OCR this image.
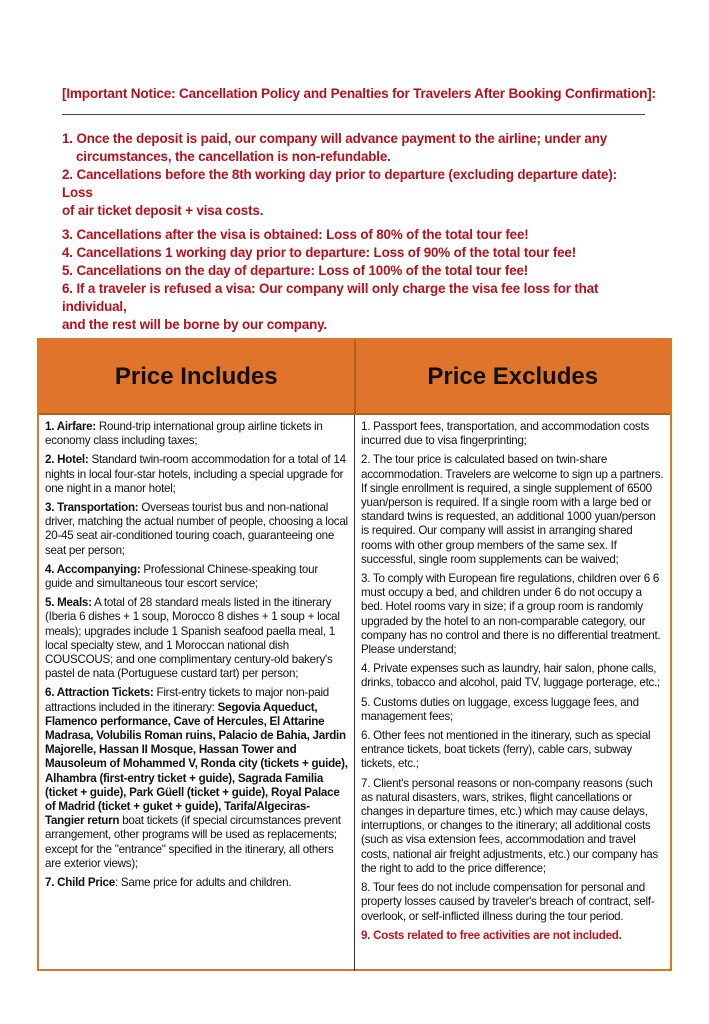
[Important Notice: Cancellation Policy and Penalties for Travelers After Booking Confirmation]:

1. Once the deposit is paid, our company will advance payment to the airline; under any

circumstances, the cancellation is non-refundable.

2. Cancellations before the 8th working day prior to departure (excluding departure date): Loss

of air ticket deposit + visa costs.

3. Cancellations after the visa is obtained: Loss of 80% of the total tour fee!

4. Cancellations 1 working day prior to departure: Loss of 90% of the total tour fee!

5. Cancellations on the day of departure: Loss of 100% of the total tour fee!

6. If a traveler is refused a visa: Our company will only charge the visa fee loss for that individual,

and the rest will be borne by our company.

Price Includes	Price Excludes

1. Airfare: Round-trip international group airline tickets in economy class including taxes;

2. Hotel: Standard twin-room accommodation for a total of 14 nights in local four-star hotels, including a special upgrade for one night in a manor hotel;

3. Transportation: Overseas tourist bus and non-national driver, matching the actual number of people, choosing a local 20-45 seat air-conditioned touring coach, guaranteeing one seat per person;

4. Accompanying: Professional Chinese-speaking tour guide and simultaneous tour escort service;

5. Meals: A total of 28 standard meals listed in the itinerary (Iberia 6 dishes + 1 soup, Morocco 8 dishes + 1 soup + local meals); upgrades include 1 Spanish seafood paella meal, 1 local specialty stew, and 1 Moroccan national dish COUSCOUS; and one complimentary century-old bakery's pastel de nata (Portuguese custard tart) per person;

6. Attraction Tickets: First-entry tickets to major non-paid attractions included in the itinerary: Segovia Aqueduct, Flamenco performance, Cave of Hercules, El Attarine Madrasa, Volubilis Roman ruins, Palacio de Bahia, Jardin Majorelle, Hassan II Mosque, Hassan Tower and Mausoleum of Mohammed V, Ronda city (tickets + guide), Alhambra (first-entry ticket + guide), Sagrada Familia (ticket + guide), Park Güell (ticket + guide), Royal Palace of Madrid (ticket + guket + guide), Tarifa/Algeciras-Tangier return boat tickets (if special circumstances prevent arrangement, other programs will be used as replacements; except for the "entrance" specified in the itinerary, all others are exterior views);

7. Child Price: Same price for adults and children.

1. Passport fees, transportation, and accommodation costs incurred due to visa fingerprinting;

2. The tour price is calculated based on twin-share accommodation. Travelers are welcome to sign up a partners. If single enrollment is required, a single supplement of 6500 yuan/person is required. If a single room with a large bed or standard twins is requested, an additional 1000 yuan/person is required. Our company will assist in arranging shared rooms with other group members of the same sex. If successful, single room supplements can be waived;

3. To comply with European fire regulations, children over 6 6 must occupy a bed, and children under 6 do not occupy a bed. Hotel rooms vary in size; if a group room is randomly upgraded by the hotel to an non-comparable category, our company has no control and there is no differential treatment. Please understand;

4. Private expenses such as laundry, hair salon, phone calls, drinks, tobacco and alcohol, paid TV, luggage porterage, etc.;

5. Customs duties on luggage, excess luggage fees, and management fees;

6. Other fees not mentioned in the itinerary, such as special entrance tickets, boat tickets (ferry), cable cars, subway tickets, etc.;

7. Client's personal reasons or non-company reasons (such as natural disasters, wars, strikes, flight cancellations or changes in departure times, etc.) which may cause delays, interruptions, or changes to the itinerary; all additional costs (such as visa extension fees, accommodation and travel costs, national air freight adjustments, etc.) our company has the right to add to the price difference;

8. Tour fees do not include compensation for personal and property losses caused by traveler's breach of contract, self-overlook, or self-inflicted illness during the tour period.

9. Costs related to free activities are not included.
